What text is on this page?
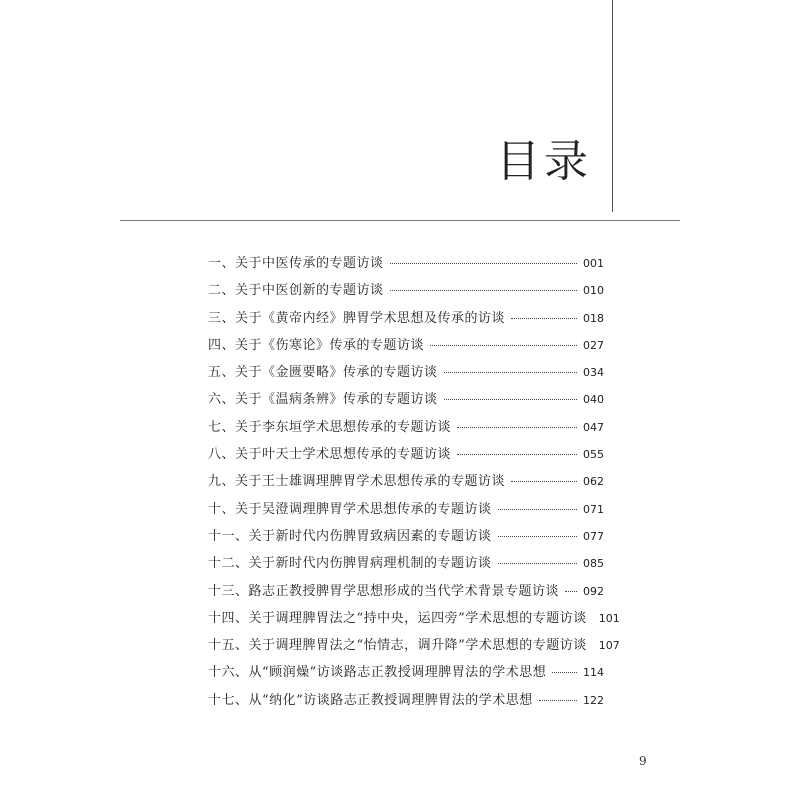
目录
一、关于中医传承的专题访谈	001
二、关于中医创新的专题访谈	010
三、关于《黄帝内经》脾胃学术思想及传承的访谈	018
四、关于《伤寒论》传承的专题访谈	027
五、关于《金匮要略》传承的专题访谈	034
六、关于《温病条辨》传承的专题访谈	040
七、关于李东垣学术思想传承的专题访谈	047
八、关于叶天士学术思想传承的专题访谈	055
九、关于王士雄调理脾胃学术思想传承的专题访谈	062
十、关于吴澄调理脾胃学术思想传承的专题访谈	071
十一、关于新时代内伤脾胃致病因素的专题访谈	077
十二、关于新时代内伤脾胃病理机制的专题访谈	085
十三、路志正教授脾胃学思想形成的当代学术背景专题访谈 092
十四、关于调理脾胃法之“持中央，运四旁”学术思想的专题访谈 101
十五、关于调理脾胃法之“怡情志，调升降”学术思想的专题访谈 107
十六、从“顾润燥”访谈路志正教授调理脾胃法的学术思想	114
十七、从“纳化”访谈路志正教授调理脾胃法的学术思想	122
9
